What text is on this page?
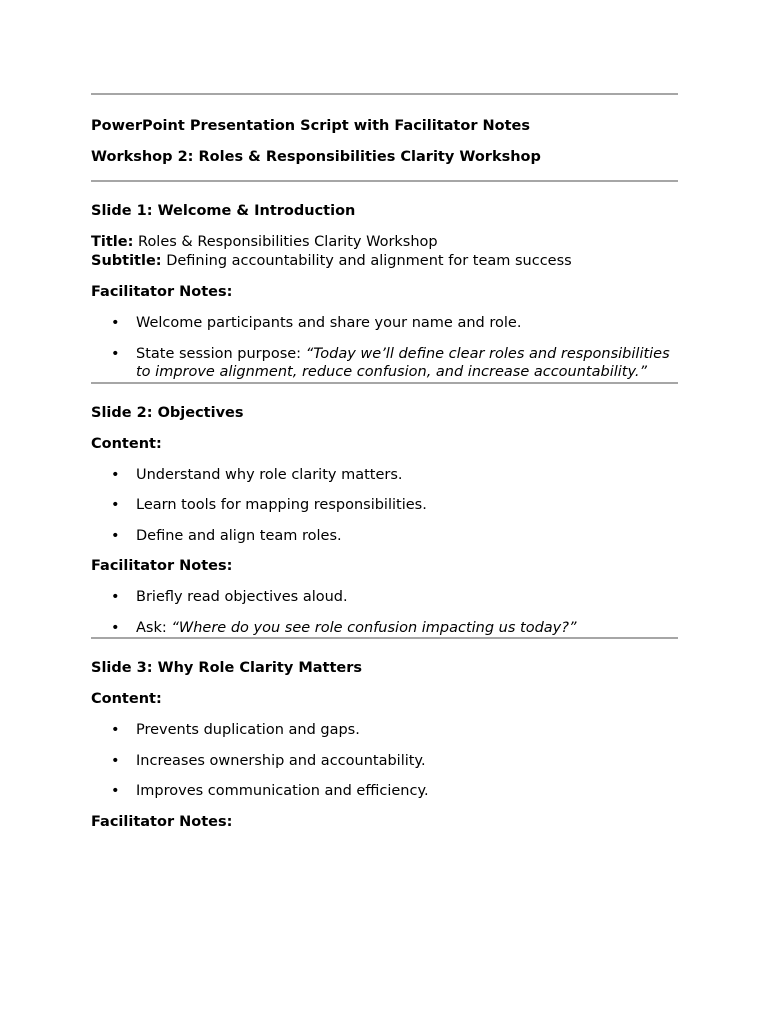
PowerPoint Presentation Script with Facilitator Notes

Workshop 2: Roles & Responsibilities Clarity Workshop

Slide 1: Welcome & Introduction

Title: Roles & Responsibilities Clarity Workshop

Subtitle: Defining accountability and alignment for team success

Facilitator Notes:

• Welcome participants and share your name and role.
• State session purpose: “Today we’ll define clear roles and responsibilities to improve alignment, reduce confusion, and increase accountability.”

Slide 2: Objectives

Content:

• Understand why role clarity matters.
• Learn tools for mapping responsibilities.
• Define and align team roles.

Facilitator Notes:

• Briefly read objectives aloud.
• Ask: “Where do you see role confusion impacting us today?”

Slide 3: Why Role Clarity Matters

Content:

• Prevents duplication and gaps.
• Increases ownership and accountability.
• Improves communication and efficiency.

Facilitator Notes:
